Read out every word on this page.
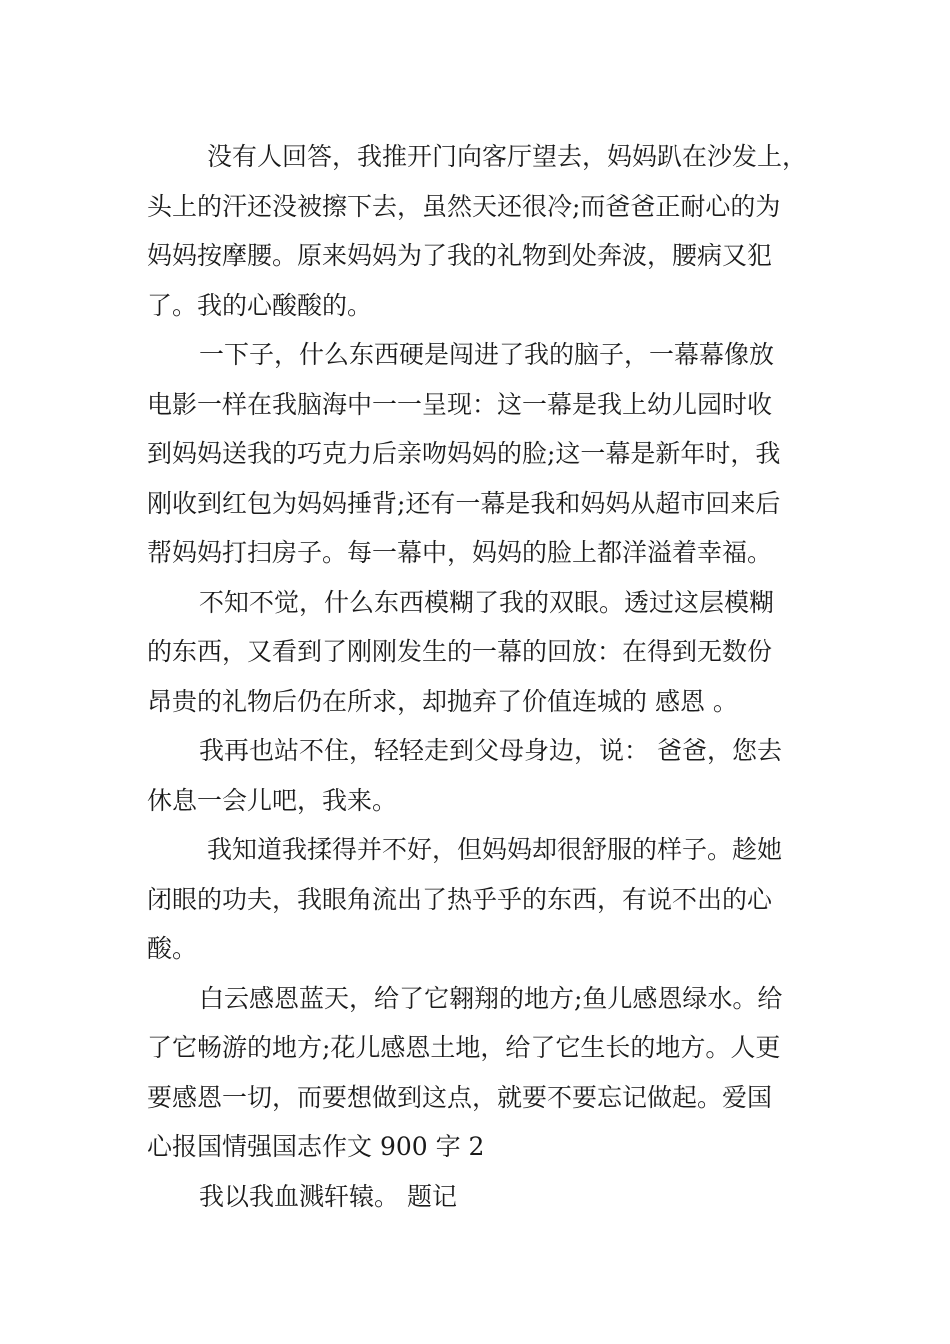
没有人回答，我推开门向客厅望去，妈妈趴在沙发上，
头上的汗还没被擦下去，虽然天还很冷;而爸爸正耐心的为
妈妈按摩腰。原来妈妈为了我的礼物到处奔波，腰病又犯
了。我的心酸酸的。
一下子，什么东西硬是闯进了我的脑子，一幕幕像放
电影一样在我脑海中一一呈现：这一幕是我上幼儿园时收
到妈妈送我的巧克力后亲吻妈妈的脸;这一幕是新年时，我
刚收到红包为妈妈捶背;还有一幕是我和妈妈从超市回来后
帮妈妈打扫房子。每一幕中，妈妈的脸上都洋溢着幸福。
不知不觉，什么东西模糊了我的双眼。透过这层模糊
的东西，又看到了刚刚发生的一幕的回放：在得到无数份
昂贵的礼物后仍在所求，却抛弃了价值连城的 感恩 。
我再也站不住，轻轻走到父母身边，说： 爸爸，您去
休息一会儿吧，我来。
我知道我揉得并不好，但妈妈却很舒服的样子。趁她
闭眼的功夫，我眼角流出了热乎乎的东西，有说不出的心
酸。
白云感恩蓝天，给了它翱翔的地方;鱼儿感恩绿水。给
了它畅游的地方;花儿感恩土地，给了它生长的地方。人更
要感恩一切，而要想做到这点，就要不要忘记做起。爱国
心报国情强国志作文 900 字 2
我以我血溅轩辕。 题记
